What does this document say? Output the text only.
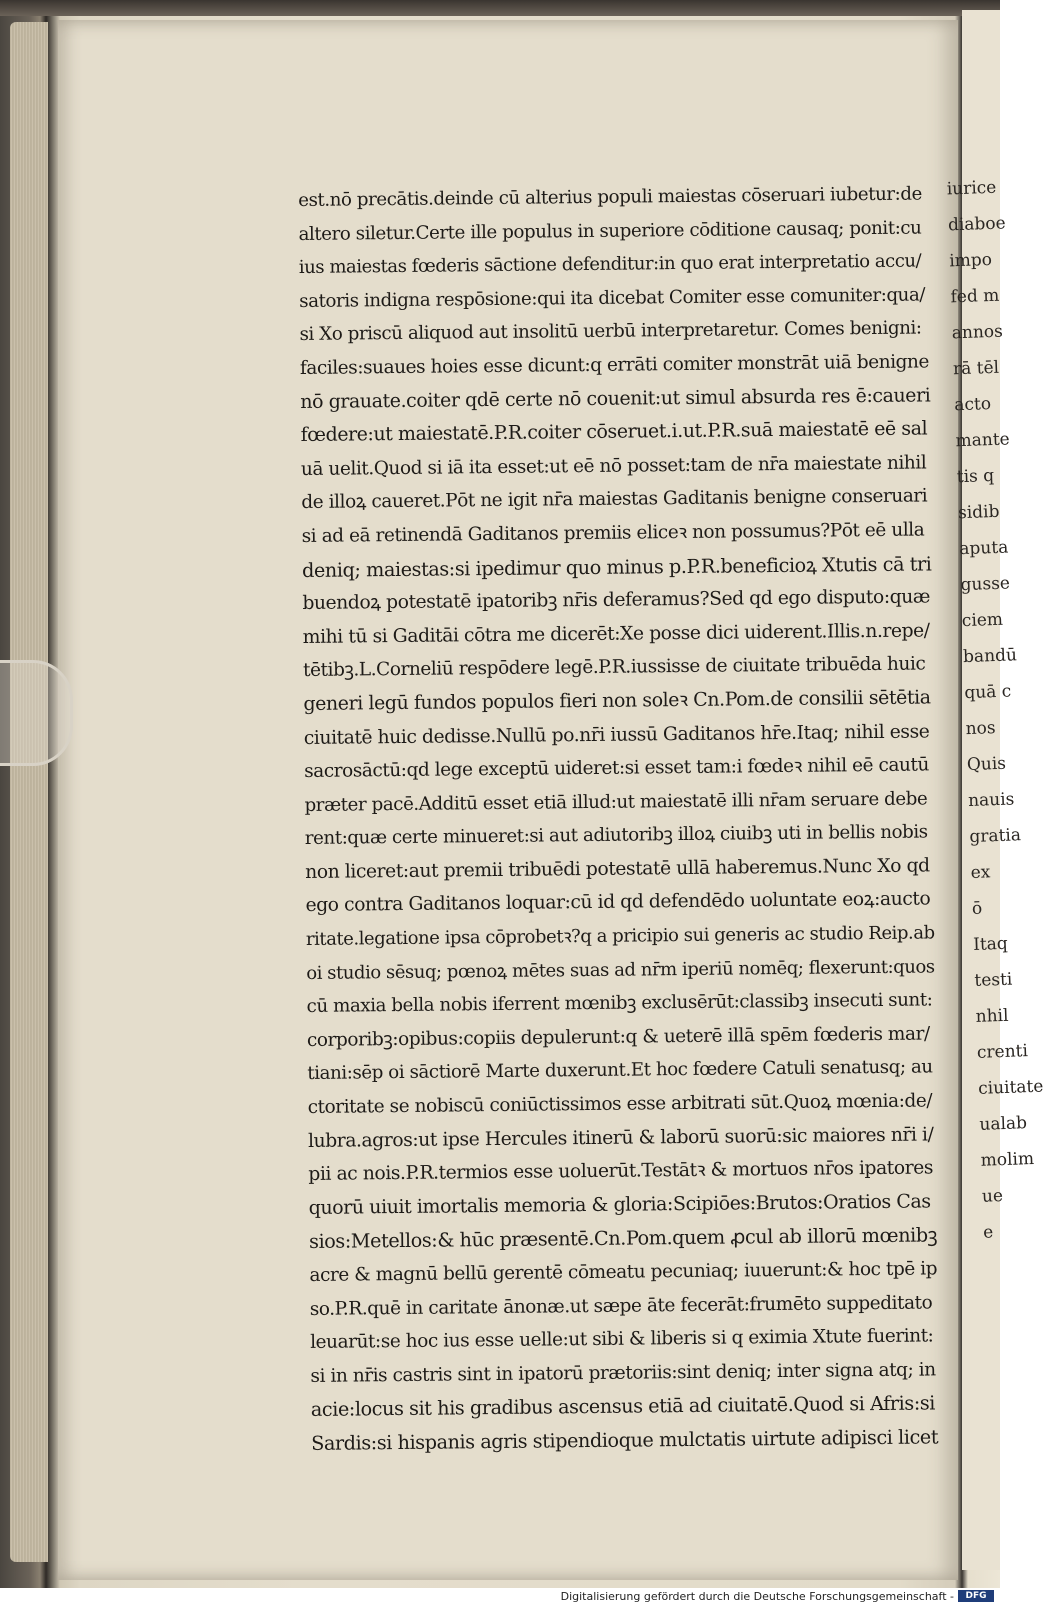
est.nō precātis.deinde cū alterius populi maiestas cōseruari iubetur:de
altero siletur.Certe ille populus in superiore cōditione causaq; ponit:cu
ius maiestas fœderis sāctione defenditur:in quo erat interpretatio accu/
satoris indigna respōsione:qui ita dicebat Comiter esse comuniter:qua/
si Xo priscū aliquod aut insolitū uerbū interpretaretur. Comes benigni:
faciles:suaues hoies esse dicunt:q errāti comiter monstrāt uiā benigne
nō grauate.coiter qdē certe nō couenit:ut simul absurda res ē:caueri
fœdere:ut maiestatē.P.R.coiter cōseruet.i.ut.P.R.suā maiestatē eē sal
uā uelit.Quod si iā ita esset:ut eē nō posset:tam de nr̄a maiestate nihil
de illoꝝ caueret.Pōt ne igit nr̄a maiestas Gaditanis benigne conseruari
si ad eā retinendā Gaditanos premiis eliceꝛ non possumus?Pōt eē ulla
deniq; maiestas:si ipedimur quo minus p.P.R.beneficioꝝ Xtutis cā tri
buendoꝝ potestatē ipatoribꝫ nr̄is deferamus?Sed qd ego disputo:quæ
mihi tū si Gaditāi cōtra me dicerēt:Xe posse dici uiderent.Illis.n.repe/
tētibꝫ.L.Corneliū respōdere legē.P.R.iussisse de ciuitate tribuēda huic
generi legū fundos populos fieri non soleꝛ Cn.Pom.de consilii sētētia
ciuitatē huic dedisse.Nullū po.nr̄i iussū Gaditanos hr̄e.Itaq; nihil esse
sacrosāctū:qd lege exceptū uideret:si esset tam:i fœdeꝛ nihil eē cautū
præter pacē.Additū esset etiā illud:ut maiestatē illi nr̄am seruare debe
rent:quæ certe minueret:si aut adiutoribꝫ illoꝝ ciuibꝫ uti in bellis nobis
non liceret:aut premii tribuēdi potestatē ullā haberemus.Nunc Xo qd
ego contra Gaditanos loquar:cū id qd defendēdo uoluntate eoꝝ:aucto
ritate.legatione ipsa cōprobetꝛ?q a pricipio sui generis ac studio Reip.ab
oi studio sēsuq; pœnoꝝ mētes suas ad nr̄m iperiū nomēq; flexerunt:quos
cū maxia bella nobis iferrent mœnibꝫ exclusērūt:classibꝫ insecuti sunt:
corporibꝫ:opibus:copiis depulerunt:q & ueterē illā spēm fœderis mar/
tiani:sēp oi sāctiorē Marte duxerunt.Et hoc fœdere Catuli senatusq; au
ctoritate se nobiscū coniūctissimos esse arbitrati sūt.Quoꝝ mœnia:de/
lubra.agros:ut ipse Hercules itinerū & laborū suorū:sic maiores nr̄i i/
pii ac nois.P.R.termios esse uoluerūt.Testātꝛ & mortuos nr̄os ipatores
quorū uiuit imortalis memoria & gloria:Scipiōes:Brutos:Oratios Cas
sios:Metellos:& hūc præsentē.Cn.Pom.quem ꝓcul ab illorū mœnibꝫ
acre & magnū bellū gerentē cōmeatu pecuniaq; iuuerunt:& hoc tpē ip
so.P.R.quē in caritate ānonæ.ut sæpe āte fecerāt:frumēto suppeditato
leuarūt:se hoc ius esse uelle:ut sibi & liberis si q eximia Xtute fuerint:
si in nr̄is castris sint in ipatorū prætoriis:sint deniq; inter signa atq; in
acie:locus sit his gradibus ascensus etiā ad ciuitatē.Quod si Afris:si
Sardis:si hispanis agris stipendioque mulctatis uirtute adipisci licet
iuri̇ce
diaboe
impo
fed m
annos
rā tēl
acto
mante
tis q
sidib
aputa
gusse
ciem
bandū
quā c
nos
Quis
nauis
gratia
ex
ō
Itaq
testi
nhil
crenti
ciuitate
ualab
molim
ue
e
Digitalisierung gefördert durch die Deutsche Forschungsgemeinschaft -	DFG
